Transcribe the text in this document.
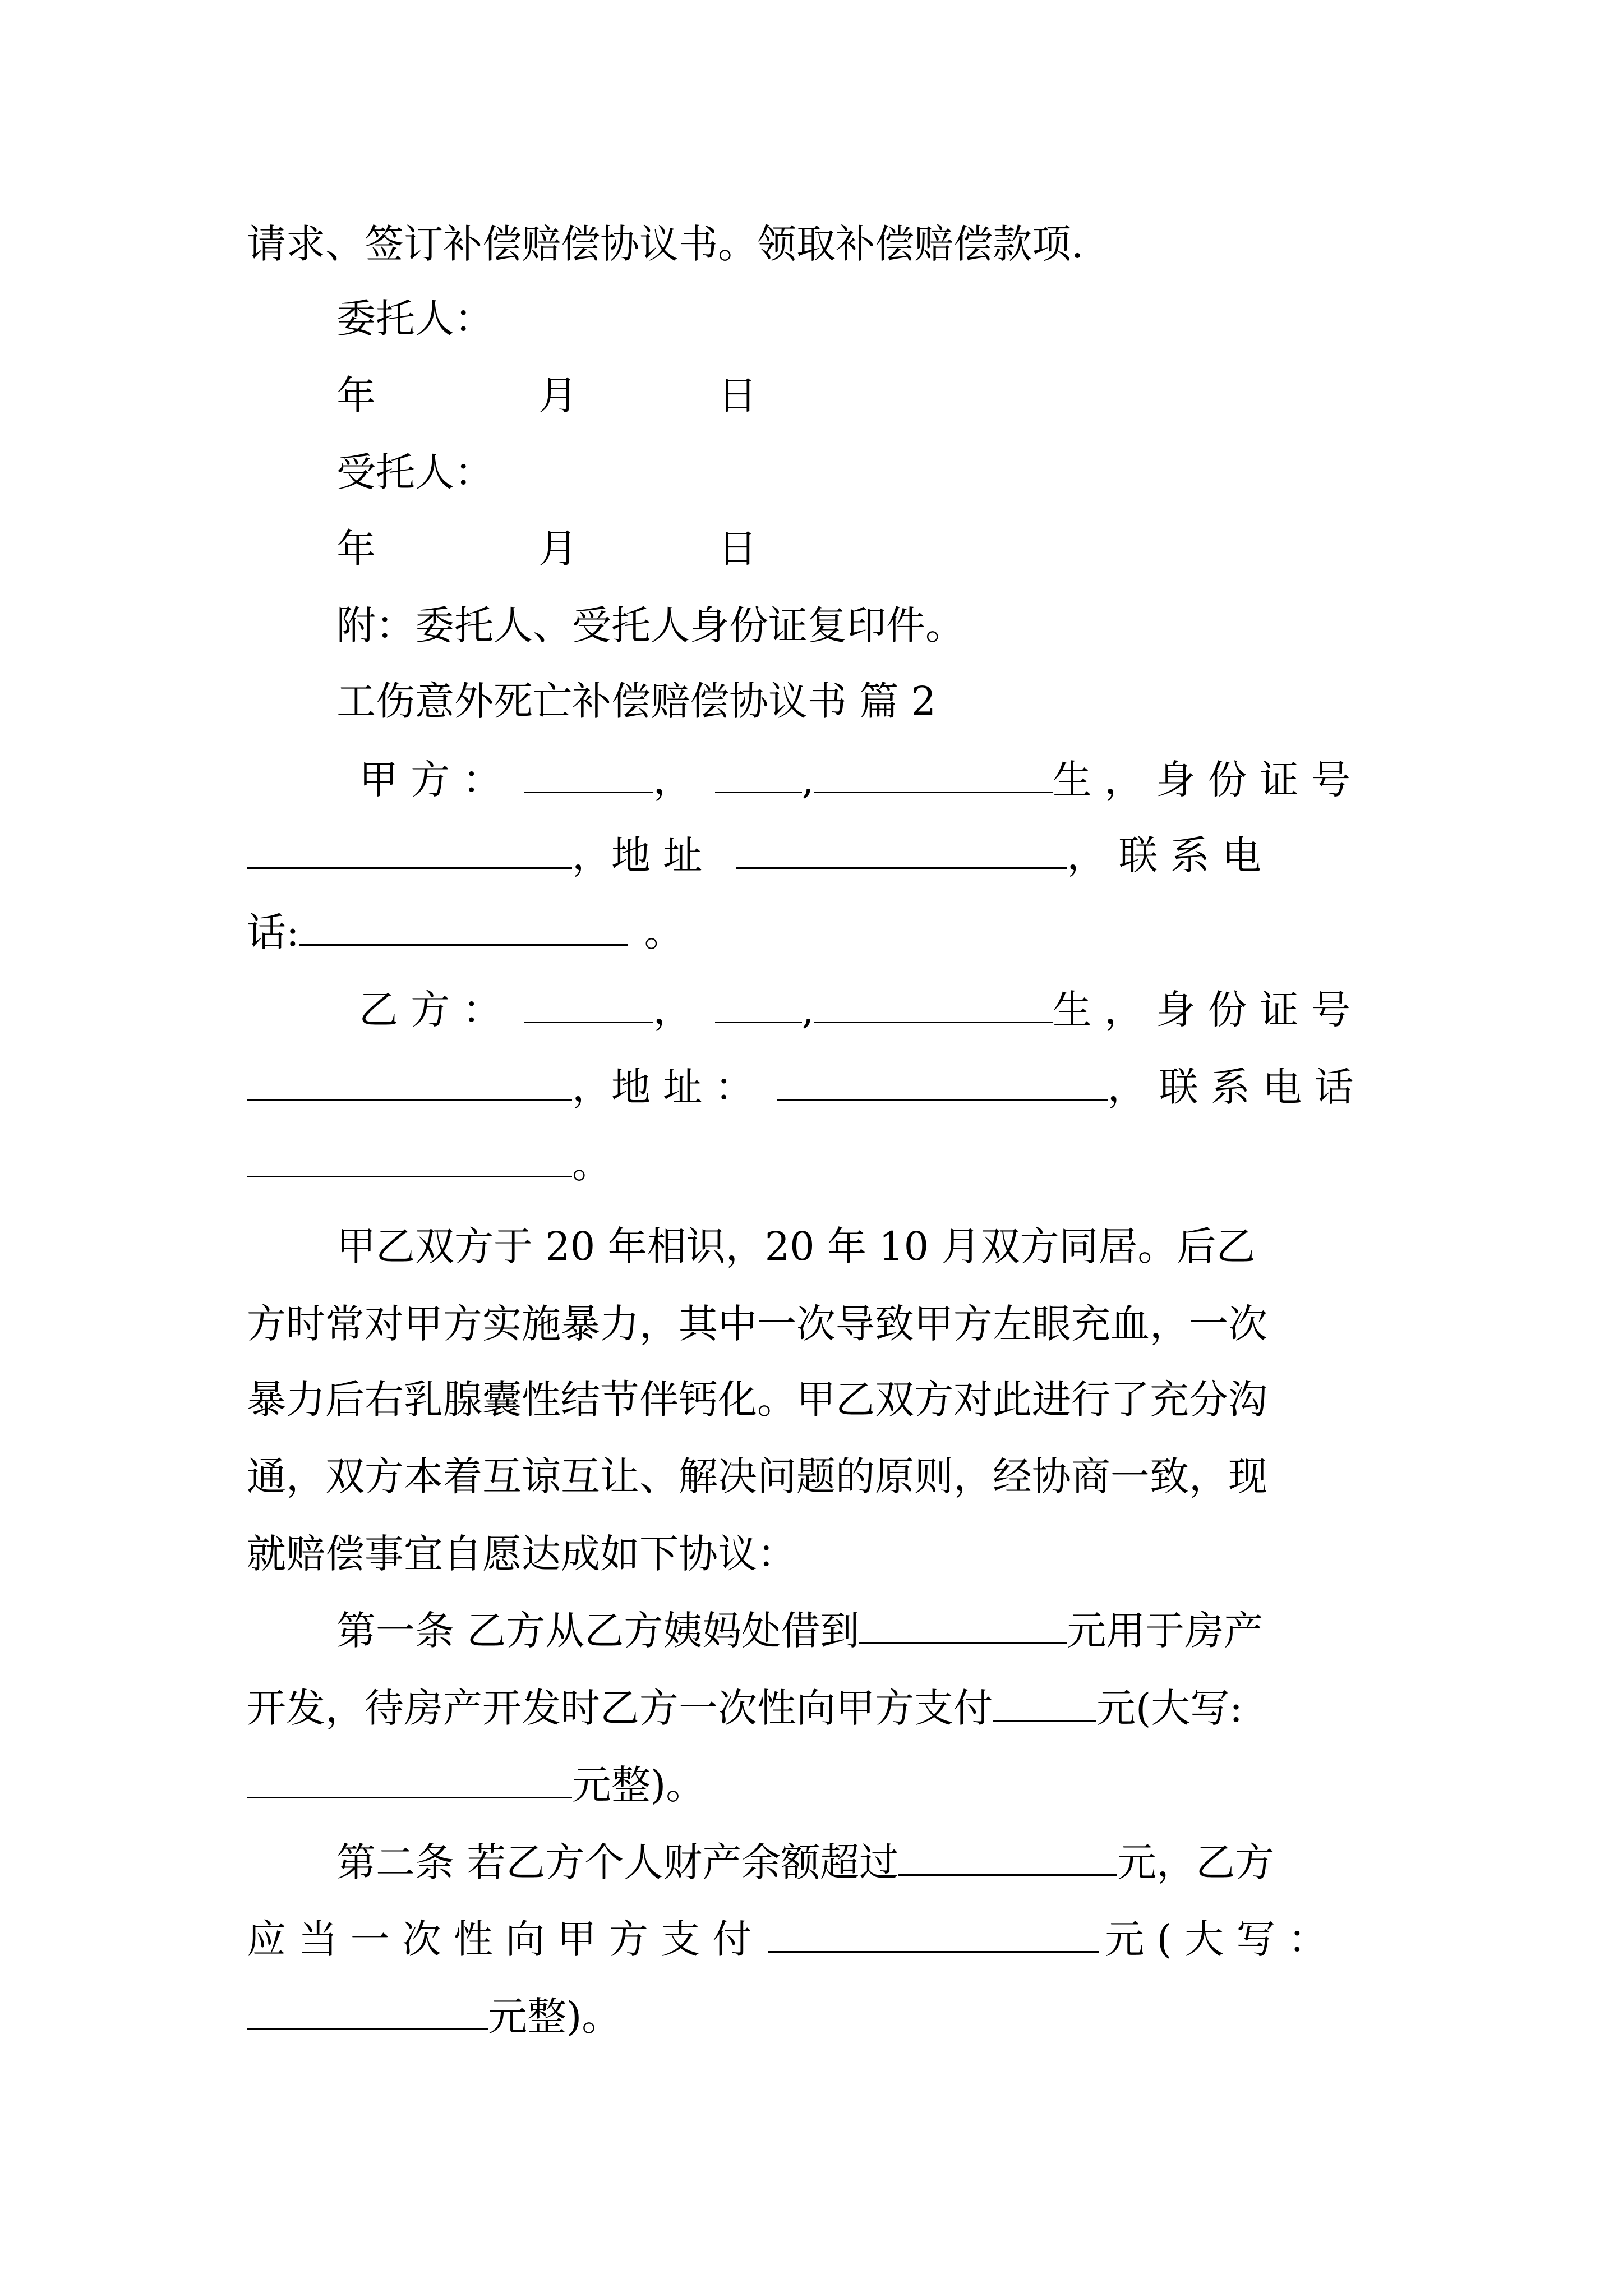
请求、签订补偿赔偿协议书。领取补偿赔偿款项.
委托人：
年	月	日
受托人：
年	月	日
附：委托人、受托人身份证复印件。
工伤意外死亡补偿赔偿协议书 篇 2
甲 方 ：	，	,	生 ， 身 份 证 号
，地 址	， 联 系 电
话:	。
乙 方 ：	，	,	生 ， 身 份 证 号
，地 址 ：	， 联 系 电 话
。
甲乙双方于 20 年相识，20 年 10 月双方同居。后乙
方时常对甲方实施暴力，其中一次导致甲方左眼充血，一次
暴力后右乳腺囊性结节伴钙化。甲乙双方对此进行了充分沟
通，双方本着互谅互让、解决问题的原则，经协商一致，现
就赔偿事宜自愿达成如下协议：
第一条 乙方从乙方姨妈处借到	元用于房产
开发，待房产开发时乙方一次性向甲方支付	元(大写:
元整)。
第二条 若乙方个人财产余额超过	元，乙方
应 当 一 次 性 向 甲 方 支 付	元 ( 大 写 ：
元整)。
